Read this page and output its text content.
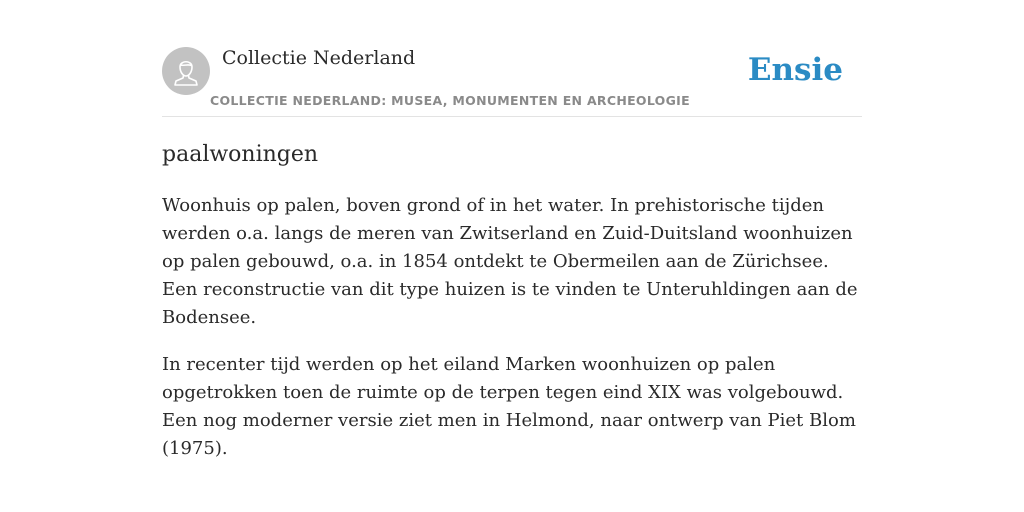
Collectie Nederland
COLLECTIE NEDERLAND: MUSEA, MONUMENTEN EN ARCHEOLOGIE
Ensie
paalwoningen

Woonhuis op palen, boven grond of in het water. In prehistorische tijden werden o.a. langs de meren van Zwitserland en Zuid-Duitsland woonhuizen op palen gebouwd, o.a. in 1854 ontdekt te Obermeilen aan de Zürichsee. Een reconstructie van dit type huizen is te vinden te Unteruhldingen aan de Bodensee.

In recenter tijd werden op het eiland Marken woonhuizen op palen opgetrokken toen de ruimte op de terpen tegen eind XIX was volgebouwd. Een nog moderner versie ziet men in Helmond, naar ontwerp van Piet Blom (1975).
